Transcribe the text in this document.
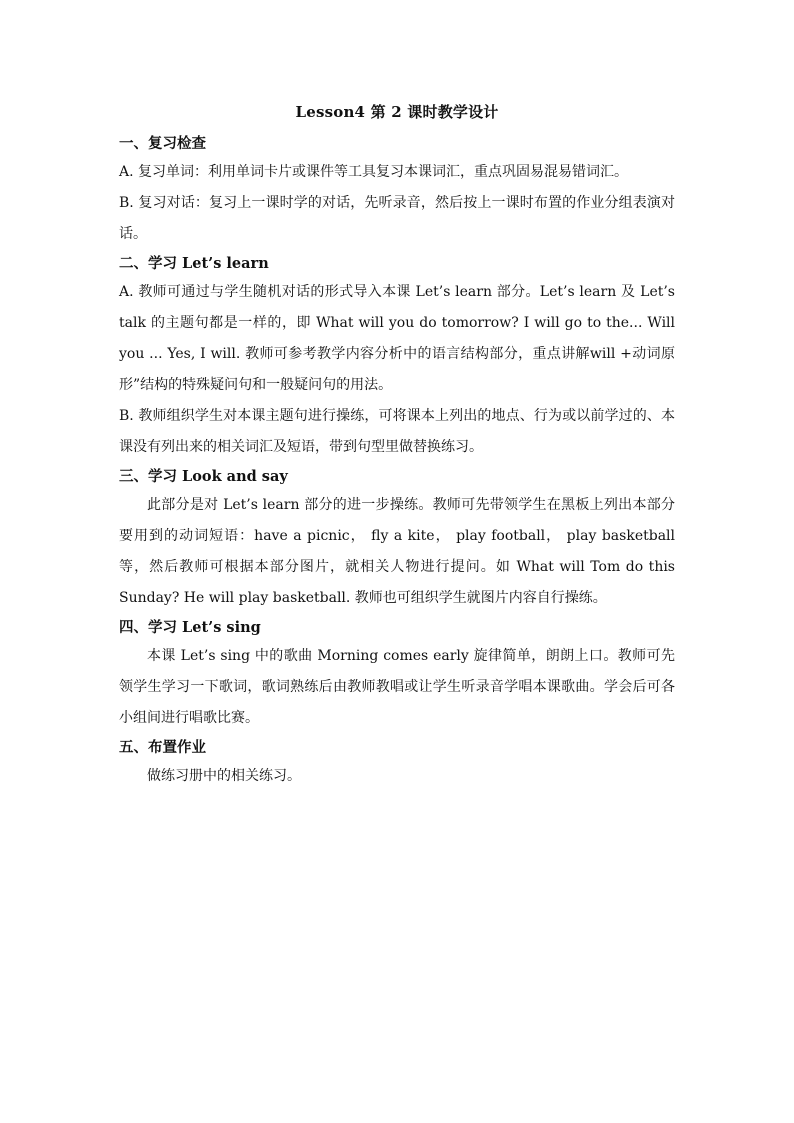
Lesson4 第 2 课时教学设计
一、复习检查

A. 复习单词：利用单词卡片或课件等工具复习本课词汇，重点巩固易混易错词汇。

B. 复习对话：复习上一课时学的对话，先听录音，然后按上一课时布置的作业分组表演对话。

二、学习 Let’s learn

A. 教师可通过与学生随机对话的形式导入本课 Let’s learn 部分。Let’s learn 及 Let’s talk 的主题句都是一样的，即 What will you do tomorrow? I will go to the... Will you ... Yes, I will. 教师可参考教学内容分析中的语言结构部分，重点讲解will +动词原形”结构的特殊疑问句和一般疑问句的用法。

B. 教师组织学生对本课主题句进行操练，可将课本上列出的地点、行为或以前学过的、本课没有列出来的相关词汇及短语，带到句型里做替换练习。

三、学习 Look and say

此部分是对 Let’s learn 部分的进一步操练。教师可先带领学生在黑板上列出本部分要用到的动词短语：have a picnic， fly a kite， play football， play basketball 等，然后教师可根据本部分图片，就相关人物进行提问。如 What will Tom do this Sunday? He will play basketball. 教师也可组织学生就图片内容自行操练。

四、学习 Let’s sing

本课 Let’s sing 中的歌曲 Morning comes early 旋律简单，朗朗上口。教师可先领学生学习一下歌词，歌词熟练后由教师教唱或让学生听录音学唱本课歌曲。学会后可各小组间进行唱歌比赛。

五、布置作业

做练习册中的相关练习。
